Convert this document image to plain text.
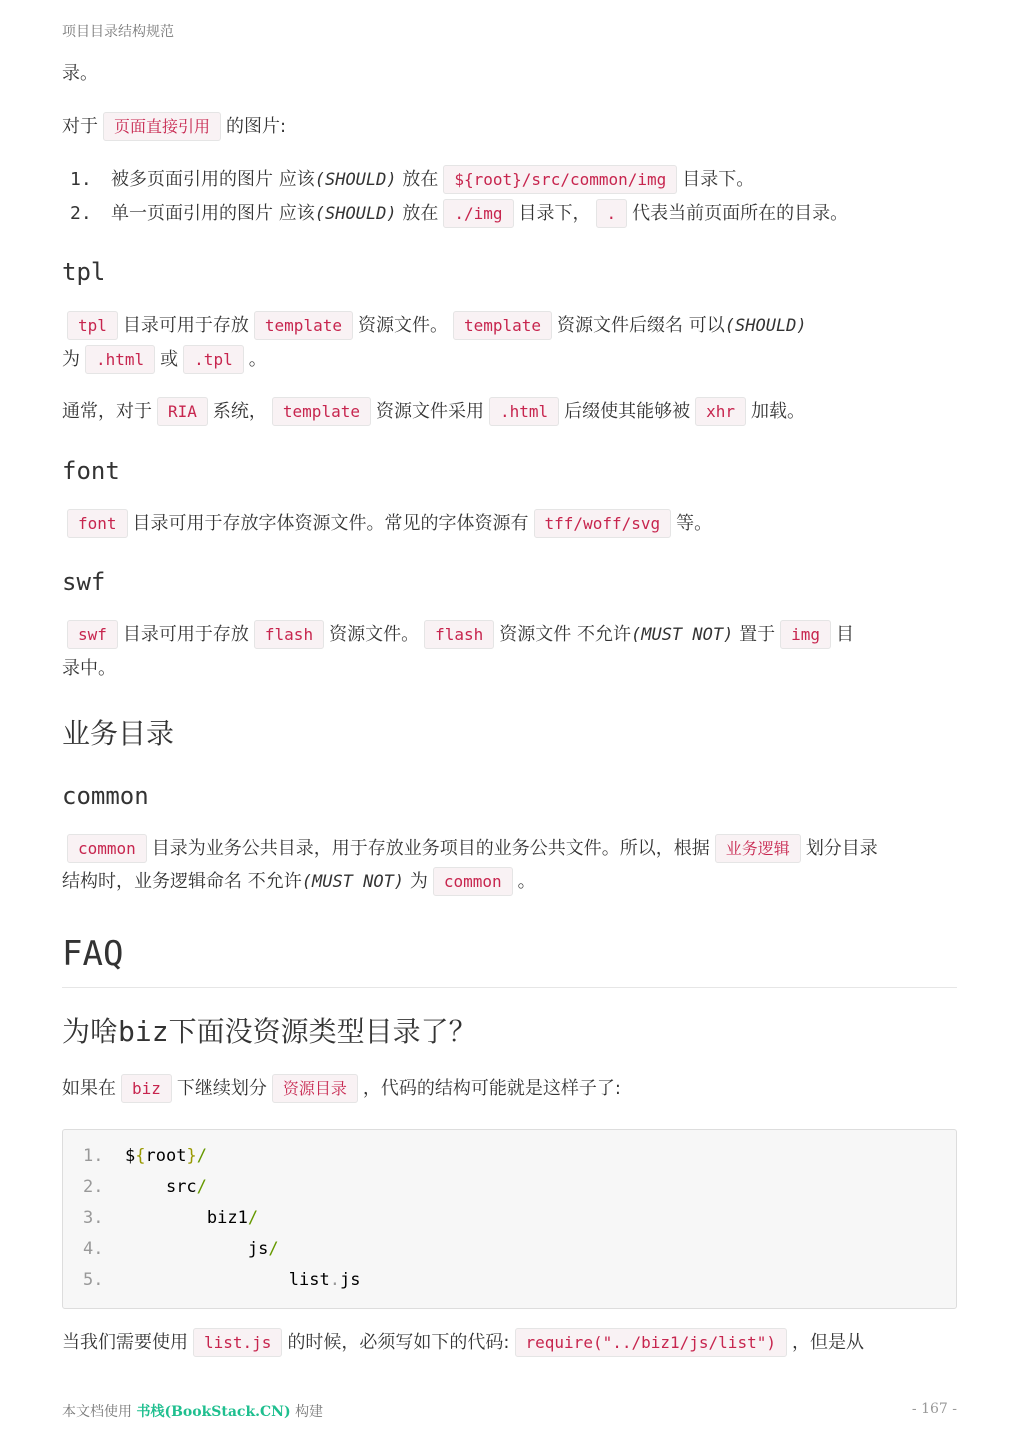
项目目录结构规范

录。

对于 页面直接引用 的图片:

1. 被多页面引用的图片 应该(SHOULD) 放在 ${root}/src/common/img 目录下。
2. 单一页面引用的图片 应该(SHOULD) 放在 ./img 目录下， . 代表当前页面所在的目录。
tpl

tpl 目录可用于存放 template 资源文件。 template 资源文件后缀名 可以(SHOULD)
为 .html 或 .tpl 。

通常，对于 RIA 系统， template 资源文件采用 .html 后缀使其能够被 xhr 加载。

font

font 目录可用于存放字体资源文件。常见的字体资源有 tff/woff/svg 等。

swf

swf 目录可用于存放 flash 资源文件。 flash 资源文件 不允许(MUST NOT) 置于 img 目
录中。

业务目录
common

common 目录为业务公共目录，用于存放业务项目的业务公共文件。所以，根据 业务逻辑 划分目录
结构时，业务逻辑命名 不允许(MUST NOT) 为 common 。

FAQ
为啥biz下面没资源类型目录了？

如果在 biz 下继续划分 资源目录 ，代码的结构可能就是这样子了:

1. ${root}/
2.	src/
3.	biz1/
4.	js/
5.	list.js

当我们需要使用 list.js 的时候，必须写如下的代码: require("../biz1/js/list") ，但是从

本文档使用 书栈(BookStack.CN) 构建	- 167 -
